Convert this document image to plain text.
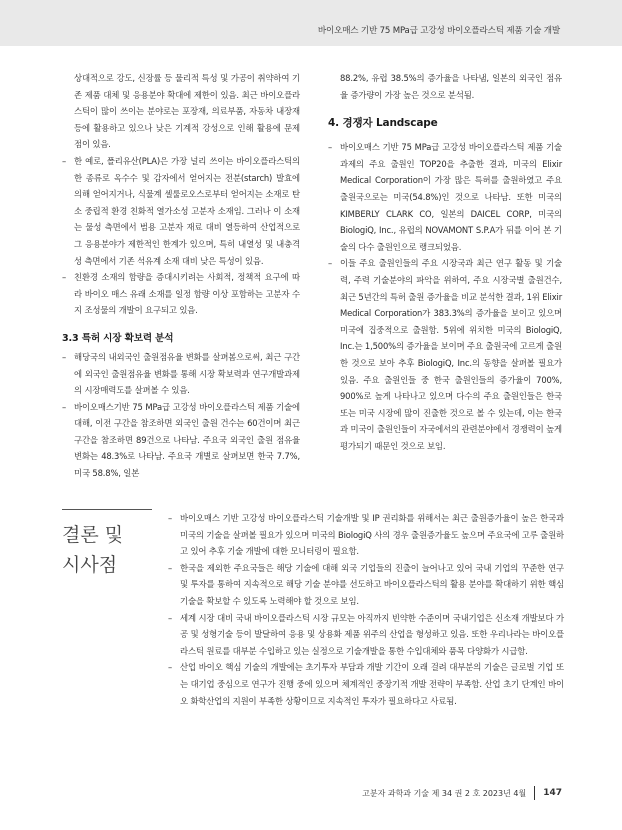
바이오매스 기반 75 MPa급 고강성 바이오플라스틱 제품 기술 개발

상대적으로 강도, 신장률 등 물리적 특성 및 가공이 취약하여 기존 제품 대체 및 응용분야 확대에 제한이 있음. 최근 바이오플라스틱이 많이 쓰이는 분야로는 포장재, 의료부품, 자동차 내장재 등에 활용하고 있으나 낮은 기계적 강성으로 인해 활용에 문제점이 있음.

– 한 예로, 폴리유산(PLA)은 가장 널리 쓰이는 바이오플라스틱의 한 종류로 옥수수 및 감자에서 얻어지는 전분(starch) 발효에 의해 얻어지거나, 식물계 셀룰로오스로부터 얻어지는 소재로 탄소 중립적 환경 친화적 열가소성 고분자 소재임. 그러나 이 소재는 물성 측면에서 범용 고분자 재료 대비 열등하여 산업적으로 그 응용분야가 제한적인 한계가 있으며, 특히 내열성 및 내충격성 측면에서 기존 석유계 소재 대비 낮은 특성이 있음.

– 친환경 소재의 함량을 증대시키려는 사회적, 정책적 요구에 따라 바이오 매스 유래 소재를 일정 함량 이상 포함하는 고분자 수지 조성물의 개발이 요구되고 있음.

3.3 특허 시장 확보력 분석

– 해당국의 내외국인 출원점유율 변화를 살펴봄으로써, 최근 구간에 외국인 출원점유율 변화를 통해 시장 확보력과 연구개발과제의 시장매력도를 살펴볼 수 있음.

– 바이오매스기반 75 MPa급 고강성 바이오플라스틱 제품 기술에 대해, 이전 구간을 참조하면 외국인 출원 건수는 60건이며 최근 구간을 참조하면 89건으로 나타남. 주요국 외국인 출원 점유율 변화는 48.3%로 나타남. 주요국 개별로 살펴보면 한국 7.7%, 미국 58.8%, 일본

88.2%, 유럽 38.5%의 증가율을 나타냄, 일본의 외국인 점유율 증가량이 가장 높은 것으로 분석됨.

4. 경쟁자 Landscape

– 바이오매스 기반 75 MPa급 고강성 바이오플라스틱 제품 기술 과제의 주요 출원인 TOP20을 추출한 결과, 미국의 Elixir Medical Corporation이 가장 많은 특허를 출원하였고 주요 출원국으로는 미국(54.8%)인 것으로 나타남. 또한 미국의 KIMBERLY CLARK CO, 일본의 DAICEL CORP, 미국의 BiologiQ, Inc., 유럽의 NOVAMONT S.P.A가 뒤를 이어 본 기술의 다수 출원인으로 랭크되었음.

– 이들 주요 출원인들의 주요 시장국과 최근 연구 활동 및 기술력, 주력 기술분야의 파악을 위하여, 주요 시장국별 출원건수, 최근 5년간의 특허 출원 증가율을 비교 분석한 결과, 1위 Elixir Medical Corporation가 383.3%의 증가율을 보이고 있으며 미국에 집중적으로 출원함. 5위에 위치한 미국의 BiologiQ, Inc.는 1,500%의 증가율을 보이며 주요 출원국에 고르게 출원한 것으로 보아 추후 BiologiQ, Inc.의 동향을 살펴볼 필요가 있음. 주요 출원인들 중 한국 출원인들의 증가율이 700%, 900%로 높게 나타나고 있으며 다수의 주요 출원인들은 한국 또는 미국 시장에 많이 진출한 것으로 볼 수 있는데, 이는 한국과 미국이 출원인들이 자국에서의 관련분야에서 경쟁력이 높게 평가되기 때문인 것으로 보임.

결론 및
시사점

– 바이오매스 기반 고강성 바이오플라스틱 기술개발 및 IP 권리화를 위해서는 최근 출원증가율이 높은 한국과 미국의 기술을 살펴볼 필요가 있으며 미국의 BiologiQ 사의 경우 출원증가율도 높으며 주요국에 고루 출원하고 있어 추후 기술 개발에 대한 모니터링이 필요함.

– 한국을 제외한 주요국들은 해당 기술에 대해 외국 기업들의 진출이 늘어나고 있어 국내 기업의 꾸준한 연구 및 투자를 통하여 지속적으로 해당 기술 분야를 선도하고 바이오플라스틱의 활용 분야를 확대하기 위한 핵심 기술을 확보할 수 있도록 노력해야 할 것으로 보임.

– 세계 시장 대비 국내 바이오플라스틱 시장 규모는 아직까지 빈약한 수준이며 국내기업은 신소재 개발보다 가공 및 성형기술 등이 발달하여 응용 및 상용화 제품 위주의 산업을 형성하고 있음. 또한 우리나라는 바이오플라스틱 원료를 대부분 수입하고 있는 실정으로 기술개발을 통한 수입대체와 품목 다양화가 시급함.

– 산업 바이오 핵심 기술의 개발에는 초기투자 부담과 개발 기간이 오래 걸려 대부분의 기술은 글로벌 기업 또는 대기업 중심으로 연구가 진행 중에 있으며 체계적인 중장기적 개발 전략이 부족함. 산업 초기 단계인 바이오 화학산업의 지원이 부족한 상황이므로 지속적인 투자가 필요하다고 사료됨.

고분자 과학과 기술 제 34 권 2 호 2023년 4월 147
